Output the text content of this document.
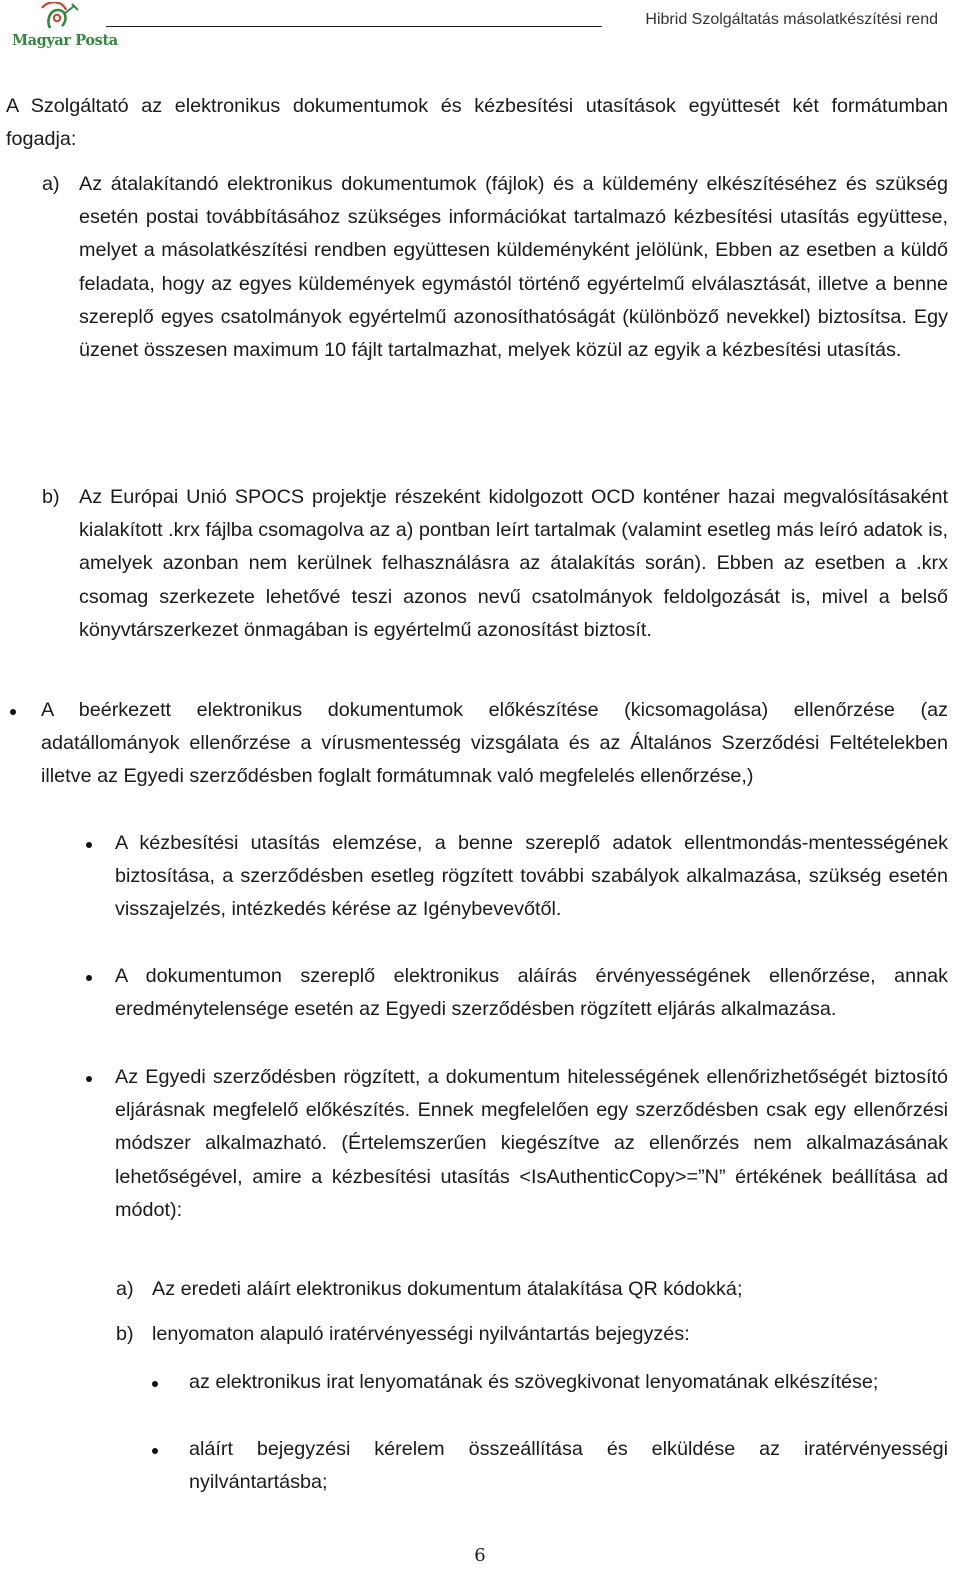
Magyar Posta
Hibrid Szolgáltatás másolatkészítési rend
A Szolgáltató az elektronikus dokumentumok és kézbesítési utasítások együttesét két formátumban fogadja:
a) Az átalakítandó elektronikus dokumentumok (fájlok) és a küldemény elkészítéséhez és szükség esetén postai továbbításához szükséges információkat tartalmazó kézbesítési utasítás együttese, melyet a másolatkészítési rendben együttesen küldeményként jelölünk, Ebben az esetben a küldő feladata, hogy az egyes küldemények egymástól történő egyértelmű elválasztását, illetve a benne szereplő egyes csatolmányok egyértelmű azonosíthatóságát (különböző nevekkel) biztosítsa. Egy üzenet összesen maximum 10 fájlt tartalmazhat, melyek közül az egyik a kézbesítési utasítás.
b) Az Európai Unió SPOCS projektje részeként kidolgozott OCD konténer hazai megvalósításaként kialakított .krx fájlba csomagolva az a) pontban leírt tartalmak (valamint esetleg más leíró adatok is, amelyek azonban nem kerülnek felhasználásra az átalakítás során). Ebben az esetben a .krx csomag szerkezete lehetővé teszi azonos nevű csatolmányok feldolgozását is, mivel a belső könyvtárszerkezet önmagában is egyértelmű azonosítást biztosít.
A beérkezett elektronikus dokumentumok előkészítése (kicsomagolása) ellenőrzése (az adatállományok ellenőrzése a vírusmentesség vizsgálata és az Általános Szerződési Feltételekben illetve az Egyedi szerződésben foglalt formátumnak való megfelelés ellenőrzése,)
A kézbesítési utasítás elemzése, a benne szereplő adatok ellentmondás-mentességének biztosítása, a szerződésben esetleg rögzített további szabályok alkalmazása, szükség esetén visszajelzés, intézkedés kérése az Igénybevevőtől.
A dokumentumon szereplő elektronikus aláírás érvényességének ellenőrzése, annak eredménytelensége esetén az Egyedi szerződésben rögzített eljárás alkalmazása.
Az Egyedi szerződésben rögzített, a dokumentum hitelességének ellenőrizhetőségét biztosító eljárásnak megfelelő előkészítés. Ennek megfelelően egy szerződésben csak egy ellenőrzési módszer alkalmazható. (Értelemszerűen kiegészítve az ellenőrzés nem alkalmazásának lehetőségével, amire a kézbesítési utasítás <IsAuthenticCopy>=”N” értékének beállítása ad módot):
a) Az eredeti aláírt elektronikus dokumentum átalakítása QR kódokká;
b) lenyomaton alapuló iratérvényességi nyilvántartás bejegyzés:
az elektronikus irat lenyomatának és szövegkivonat lenyomatának elkészítése;
aláírt bejegyzési kérelem összeállítása és elküldése az iratérvényességi nyilvántartásba;
6
